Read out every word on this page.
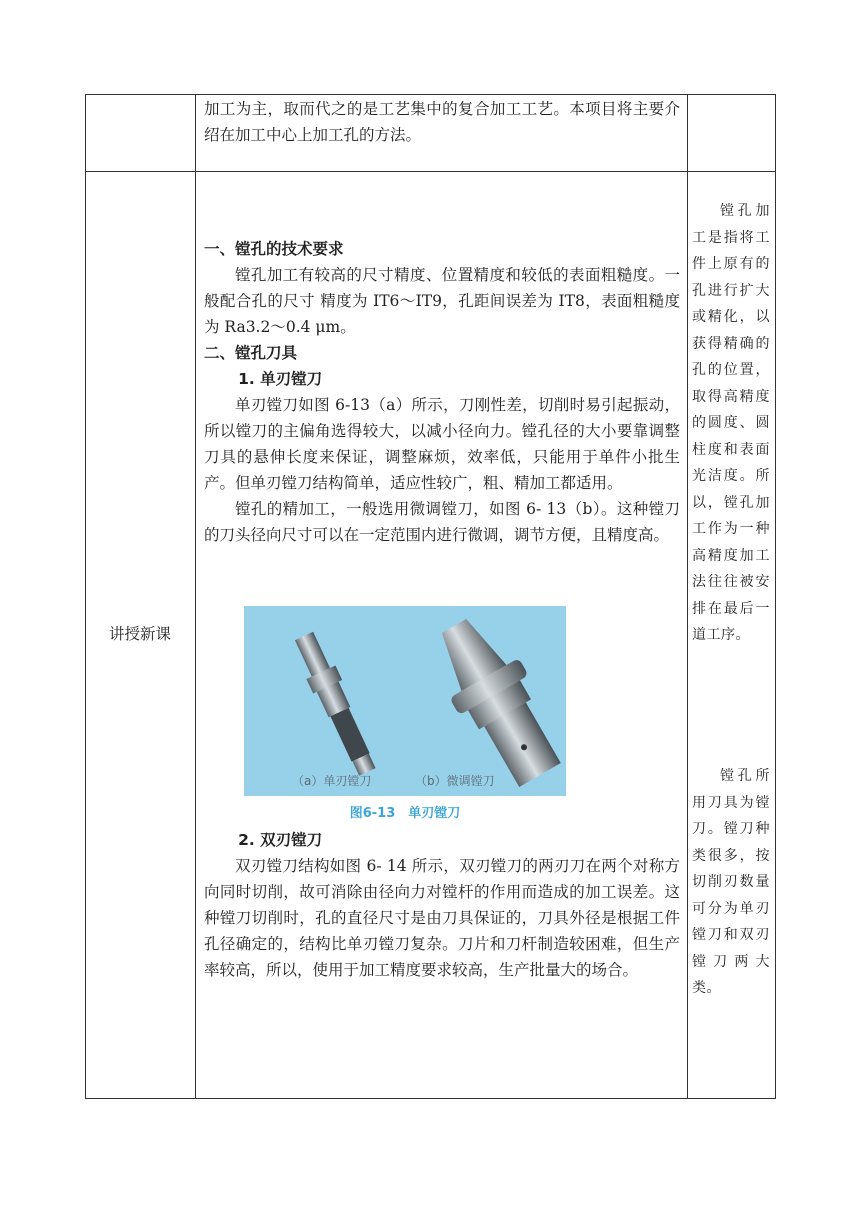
加工为主，取而代之的是工艺集中的复合加工工艺。本项目将主要介绍在加工中心上加工孔的方法。
讲授新课

一、镗孔的技术要求

镗孔加工有较高的尺寸精度、位置精度和较低的表面粗糙度。一般配合孔的尺寸 精度为 IT6～IT9，孔距间误差为 IT8，表面粗糙度为 Ra3.2～0.4 μm。

二、镗孔刀具

1. 单刃镗刀

单刃镗刀如图 6-13（a）所示，刀刚性差，切削时易引起振动，所以镗刀的主偏角选得较大，以减小径向力。镗孔径的大小要靠调整刀具的悬伸长度来保证，调整麻烦，效率低，只能用于单件小批生产。但单刃镗刀结构简单，适应性较广，粗、精加工都适用。

镗孔的精加工，一般选用微调镗刀，如图 6- 13（b）。这种镗刀的刀头径向尺寸可以在一定范围内进行微调，调节方便，且精度高。

（a）单刃镗刀	（b）微调镗刀
图6-13　单刃镗刀

2. 双刃镗刀

双刃镗刀结构如图 6- 14 所示，双刃镗刀的两刃刀在两个对称方向同时切削，故可消除由径向力对镗杆的作用而造成的加工误差。这种镗刀切削时，孔的直径尺寸是由刀具保证的，刀具外径是根据工件孔径确定的，结构比单刃镗刀复杂。刀片和刀杆制造较困难，但生产率较高，所以，使用于加工精度要求较高，生产批量大的场合。

镗孔加工是指将工件上原有的孔进行扩大或精化，以获得精确的孔的位置，取得高精度的圆度、圆柱度和表面光洁度。所以，镗孔加工作为一种高精度加工法往往被安排在最后一道工序。

镗孔所用刀具为镗刀。镗刀种类很多，按切削刃数量可分为单刃镗刀和双刃镗刀两大类。
